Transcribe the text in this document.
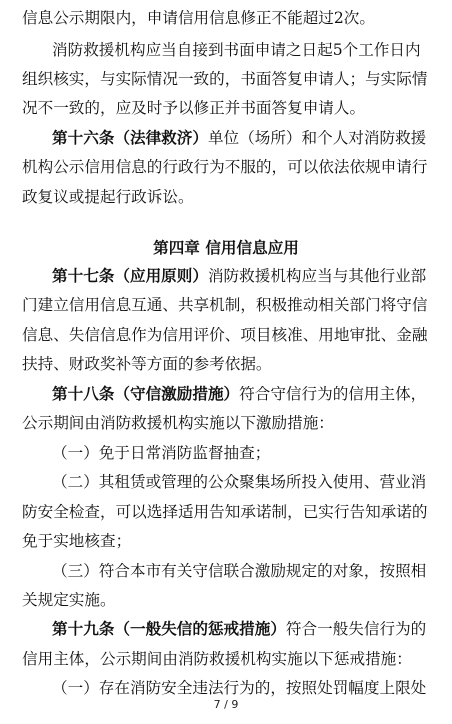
信息公示期限内，申请信用信息修正不能超过2次。
消防救援机构应当自接到书面申请之日起5个工作日内
组织核实，与实际情况一致的，书面答复申请人；与实际情
况不一致的，应及时予以修正并书面答复申请人。
第十六条（法律救济）单位（场所）和个人对消防救援
机构公示信用信息的行政行为不服的，可以依法依规申请行
政复议或提起行政诉讼。
第四章 信用信息应用
第十七条（应用原则）消防救援机构应当与其他行业部
门建立信用信息互通、共享机制，积极推动相关部门将守信
信息、失信信息作为信用评价、项目核准、用地审批、金融
扶持、财政奖补等方面的参考依据。
第十八条（守信激励措施）符合守信行为的信用主体，
公示期间由消防救援机构实施以下激励措施：
（一）免于日常消防监督抽查；
（二）其租赁或管理的公众聚集场所投入使用、营业消
防安全检查，可以选择适用告知承诺制，已实行告知承诺的
免于实地核查；
（三）符合本市有关守信联合激励规定的对象，按照相
关规定实施。
第十九条（一般失信的惩戒措施）符合一般失信行为的
信用主体，公示期间由消防救援机构实施以下惩戒措施：
（一）存在消防安全违法行为的，按照处罚幅度上限处
7 / 9
